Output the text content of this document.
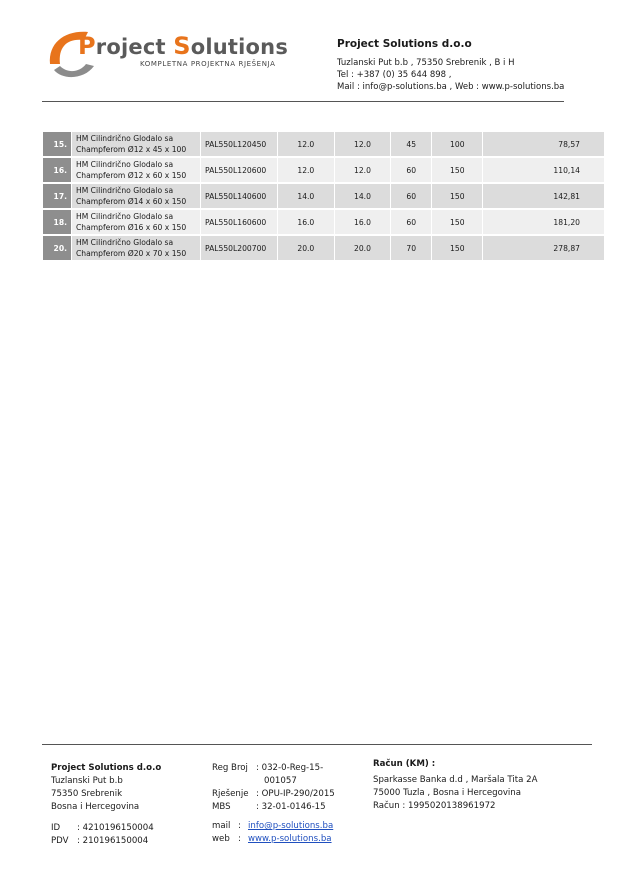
Project Solutions
KOMPLETNA PROJEKTNA RJEŠENJA
Project Solutions d.o.o
Tuzlanski Put b.b , 75350 Srebrenik , B i H
Tel : +387 (0) 35 644 898 ,
Mail : info@p-solutions.ba , Web : www.p-solutions.ba
15.	HM Cilindrično Glodalo sa
Champferom Ø12 x 45 x 100	PAL550L120450	12.0	12.0	45	100	78,57
16.	HM Cilindrično Glodalo sa
Champferom Ø12 x 60 x 150	PAL550L120600	12.0	12.0	60	150	110,14
17.	HM Cilindrično Glodalo sa
Champferom Ø14 x 60 x 150	PAL550L140600	14.0	14.0	60	150	142,81
18.	HM Cilindrično Glodalo sa
Champferom Ø16 x 60 x 150	PAL550L160600	16.0	16.0	60	150	181,20
20.	HM Cilindrično Glodalo sa
Champferom Ø20 x 70 x 150	PAL550L200700	20.0	20.0	70	150	278,87
Project Solutions d.o.o
Tuzlanski Put b.b
75350 Srebrenik
Bosna i Hercegovina
ID : 4210196150004
PDV : 210196150004
Reg Broj : 032-0-Reg-15-
001057
Rješenje : OPU-IP-290/2015
MBS	: 32-01-0146-15
mail : info@p-solutions.ba
web : www.p-solutions.ba
Račun (KM) :
Sparkasse Banka d.d , Maršala Tita 2A
75000 Tuzla , Bosna i Hercegovina
Račun : 1995020138961972
